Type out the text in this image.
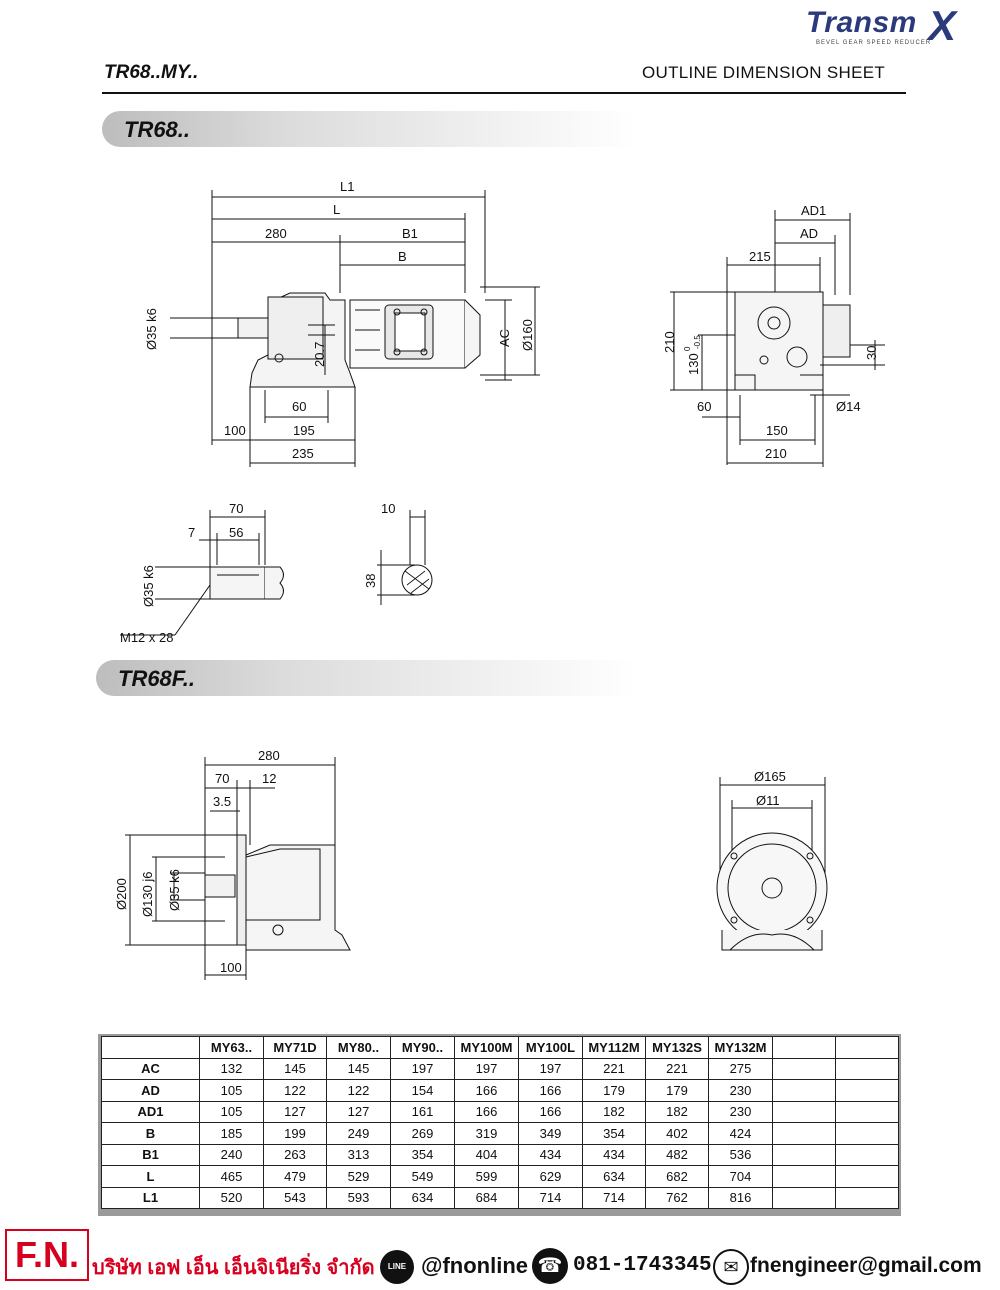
Transm X
BEVEL GEAR SPEED REDUCER
TR68..MY..	OUTLINE DIMENSION SHEET
TR68..
TR68F..
L1
L
280	B1
B
Ø35 k6
20.7
AC Ø160
60
100	195
235
AD1
AD
215
210
130
0 -0.5
30
60	Ø14
150
210
70
7	56
Ø35 k6
M12 x 28
10
38
280
70	12
3.5
Ø200 Ø130 j6 Ø35 k6
100
Ø165
Ø11
	MY63..	MY71D	MY80..	MY90..	MY100M	MY100L	MY112M	MY132S	MY132M		
AC	132	145	145	197	197	197	221	221	275		
AD	105	122	122	154	166	166	179	179	230		
AD1	105	127	127	161	166	166	182	182	230		
B	185	199	249	269	319	349	354	402	424		
B1	240	263	313	354	404	434	434	482	536		
L	465	479	529	549	599	629	634	682	704		
L1	520	543	593	634	684	714	714	762	816		
F.N. บริษัท เอฟ เอ็น เอ็นจิเนียริ่ง จำกัด	LINE @fnonline ☎ 081-1743345 ✉ fnengineer@gmail.com
